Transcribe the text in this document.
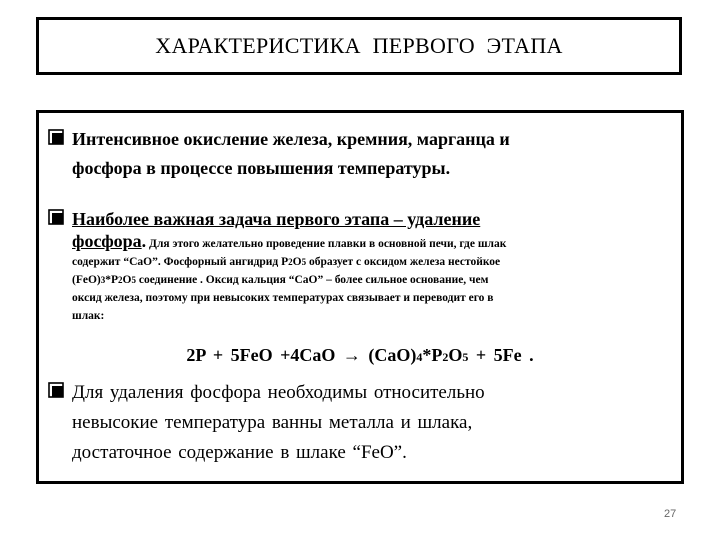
ХАРАКТЕРИСТИКА ПЕРВОГО ЭТАПА
Интенсивное окисление железа, кремния, марганца и
фосфора в процессе повышения температуры.
Наиболее важная задача первого этапа – удаление
фосфора. Для этого желательно проведение плавки в основной печи, где шлак
содержит “CaO”. Фосфорный ангидрид P2O5 образует с оксидом железа нестойкое
(FeO)3*P2O5 соединение . Оксид кальция “CaO” – более сильное основание, чем
оксид железа, поэтому при невысоких температурах связывает и переводит его в
шлак:
2P + 5FeO +4CaO → (CaO)4*P2O5 + 5Fe .
Для удаления фосфора необходимы относительно
невысокие температура ванны металла и шлака,
достаточное содержание в шлаке “FeO”.
27
